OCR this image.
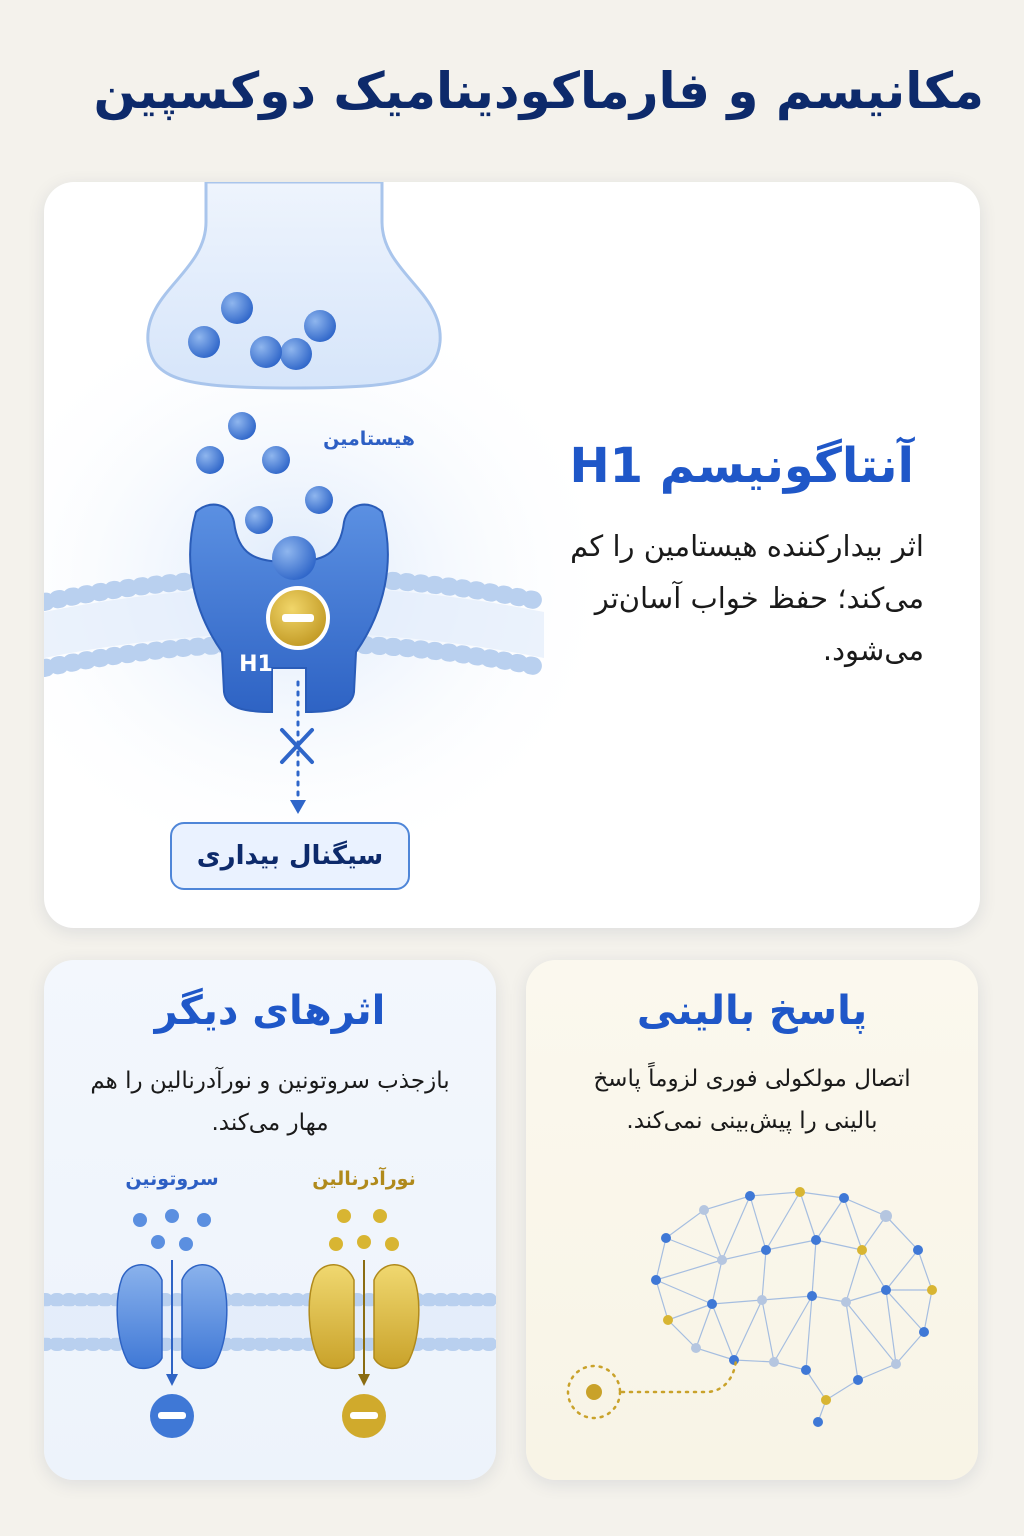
مکانیسم و فارماکودینامیک دوکسپین
هیستامین
H1
سیگنال بیداری
آنتاگونیسم H1
اثر بیدارکننده هیستامین را کم می‌کند؛ حفظ خواب آسان‌تر می‌شود.
اثرهای دیگر
بازجذب سروتونین و نورآدرنالین را هم مهار می‌کند.
سروتونین	نورآدرنالین
پاسخ بالینی
اتصال مولکولی فوری لزوماً پاسخ بالینی را پیش‌بینی نمی‌کند.
